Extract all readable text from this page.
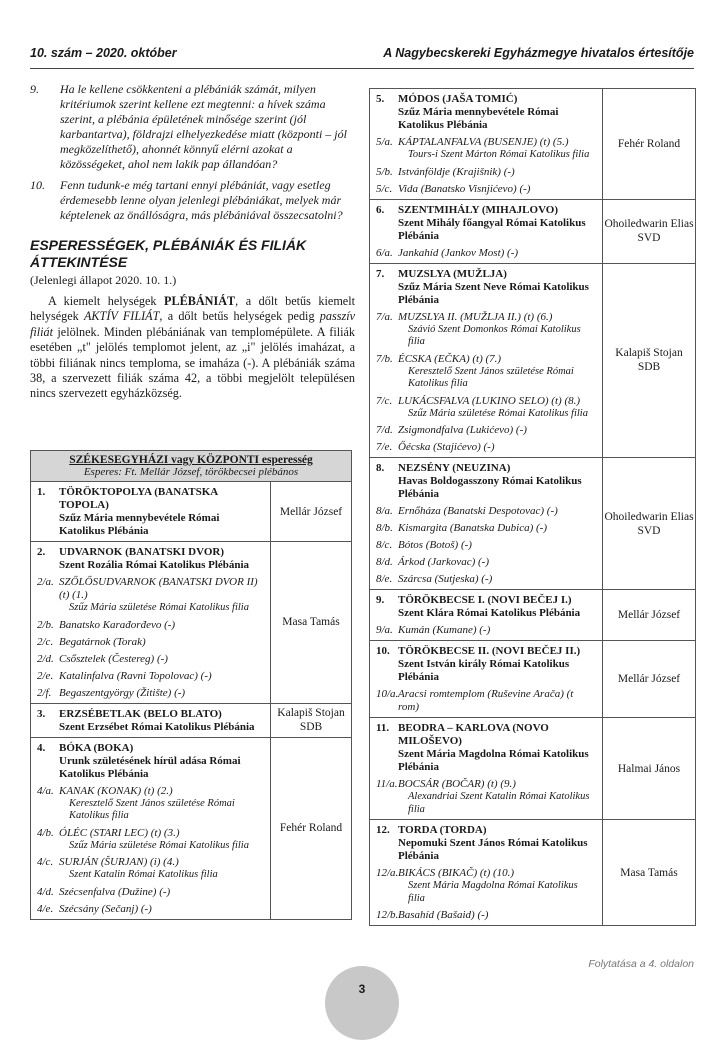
10. szám – 2020. október	A Nagybecskereki Egyházmegye hivatalos értesítője
9. Ha le kellene csökkenteni a plébániák számát, milyen kritériumok szerint kellene ezt megtenni: a hívek száma szerint, a plébánia épületének minősége szerint (jól karbantartva), földrajzi elhelyezkedése miatt (központi – jól megközelíthető), ahonnét könnyű elérni azokat a közösségeket, ahol nem lakik pap állandóan?
10. Fenn tudunk-e még tartani ennyi plébániát, vagy esetleg érdemesebb lenne olyan jelenlegi plébániákat, melyek már képtelenek az önállóságra, más plébániával összecsatolni?
ESPERESSÉGEK, PLÉBÁNIÁK ÉS FILIÁK ÁTTEKINTÉSE
(Jelenlegi állapot 2020. 10. 1.)
A kiemelt helységek PLÉBÁNIÁT, a dőlt betűs kiemelt helységek AKTÍV FILIÁT, a dőlt betűs helységek pedig passzív filiát jelölnek. Minden plébániának van templomépülete. A filiák esetében „t" jelölés templomot jelent, az „i" jelölés imaházat, a többi filiának nincs temploma, se imaháza (-). A plébániák száma 38, a szervezett filiák száma 42, a többi megjelölt településen nincs szervezett egyházközség.
SZÉKESEGYHÁZI vagy KÖZPONTI esperesség
Esperes: Ft. Mellár József, törökbecsei plébános
1. TÖRÖKTOPOLYA (BANATSKA TOPOLA)
Szűz Mária mennybevétele Római Katolikus Plébánia
Mellár József
2. UDVARNOK (BANATSKI DVOR)
Szent Rozália Római Katolikus Plébánia
2/a. SZŐLŐSUDVARNOK (BANATSKI DVOR II) (t) (1.)
Szűz Mária születése Római Katolikus filia
2/b. Banatsko Karađorđevo (-)
2/c. Begatárnok (Torak)
2/d. Csősztelek (Čestereg) (-)
2/e. Katalinfalva (Ravni Topolovac) (-)
2/f. Begaszentgyörgy (Žitište) (-)
Masa Tamás
3. ERZSÉBETLAK (BELO BLATO)
Szent Erzsébet Római Katolikus Plébánia
Kalapiš Stojan SDB
4. BÓKA (BOKA)
Urunk születésének hírül adása Római Katolikus Plébánia
4/a. KANAK (KONAK) (t) (2.)
Keresztelő Szent János születése Római Katolikus filia
4/b. ÓLÉC (STARI LEC) (t) (3.)
Szűz Mária születése Római Katolikus filia
4/c. SURJÁN (ŠURJAN) (i) (4.)
Szent Katalin Római Katolikus filia
4/d. Szécsenfalva (Dužine) (-)
4/e. Szécsány (Sečanj) (-)
Fehér Roland
5. MÓDOS (JAŠA TOMIĆ)
Szűz Mária mennybevétele Római Katolikus Plébánia
5/a. KÁPTALANFALVA (BUSENJE) (t) (5.)
Tours-i Szent Márton Római Katolikus filia
5/b. Istvánföldje (Krajišnik) (-)
5/c. Vida (Banatsko Visnjićevo) (-)
Fehér Roland
6. SZENTMIHÁLY (MIHAJLOVO)
Szent Mihály főangyal Római Katolikus Plébánia
6/a. Jankahíd (Jankov Most) (-)
Ohoiledwarin Elias SVD
7. MUZSLYA (MUŽLJA)
Szűz Mária Szent Neve Római Katolikus Plébánia
7/a. MUZSLYA II. (MUŽLJA II.) (t) (6.)
Szávió Szent Domonkos Római Katolikus filia
7/b. ÉCSKA (EČKA) (t) (7.)
Keresztelő Szent János születése Római Katolikus filia
7/c. LUKÁCSFALVA (LUKINO SELO) (t) (8.)
Szűz Mária születése Római Katolikus filia
7/d. Zsigmondfalva (Lukićevo) (-)
7/e. Őécska (Stajićevo) (-)
Kalapiš Stojan SDB
8. NEZSÉNY (NEUZINA)
Havas Boldogasszony Római Katolikus Plébánia
8/a. Ernőháza (Banatski Despotovac) (-)
8/b. Kismargita (Banatska Dubica) (-)
8/c. Bótos (Botoš) (-)
8/d. Árkod (Jarkovac) (-)
8/e. Szárcsa (Sutjeska) (-)
Ohoiledwarin Elias SVD
9. TÖRÖKBECSE I. (NOVI BEČEJ I.)
Szent Klára Római Katolikus Plébánia
9/a. Kumán (Kumane) (-)
Mellár József
10. TÖRÖKBECSE II. (NOVI BEČEJ II.)
Szent István király Római Katolikus Plébánia
10/a. Aracsi romtemplom (Ruševine Arača) (t rom)
Mellár József
11. BEODRA – KARLOVA (NOVO MILOŠEVO)
Szent Mária Magdolna Római Katolikus Plébánia
11/a. BOCSÁR (BOČAR) (t) (9.)
Alexandriai Szent Katalin Római Katolikus filia
Halmai János
12. TORDA (TORDA)
Nepomuki Szent János Római Katolikus Plébánia
12/a. BIKÁCS (BIKAČ) (t) (10.)
Szent Mária Magdolna Római Katolikus filia
12/b. Basahíd (Bašaid) (-)
Masa Tamás
Folytatása a 4. oldalon
3
